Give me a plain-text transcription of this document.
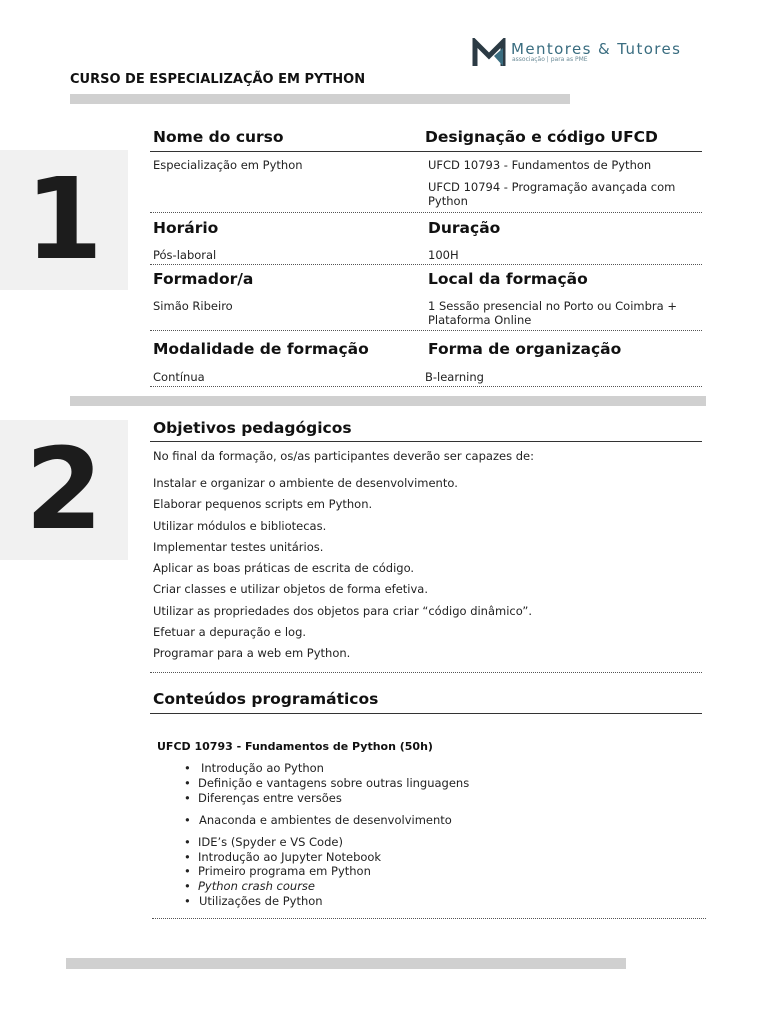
Mentores & Tutores
associação | para as PME
CURSO DE ESPECIALIZAÇÃO EM PYTHON
1
Nome do curso	Designação e código UFCD
Especialização em Python	UFCD 10793 - Fundamentos de Python
UFCD 10794 - Programação avançada com Python
Horário	Duração
Pós-laboral	100H
Formador/a	Local da formação
Simão Ribeiro	1 Sessão presencial no Porto ou Coimbra + Plataforma Online
Modalidade de formação	Forma de organização
Contínua	B-learning
2	Objetivos pedagógicos
No final da formação, os/as participantes deverão ser capazes de:
Instalar e organizar o ambiente de desenvolvimento.
Elaborar pequenos scripts em Python.
Utilizar módulos e bibliotecas.
Implementar testes unitários.
Aplicar as boas práticas de escrita de código.
Criar classes e utilizar objetos de forma efetiva.
Utilizar as propriedades dos objetos para criar “código dinâmico”.
Efetuar a depuração e log.
Programar para a web em Python.
Conteúdos programáticos
UFCD 10793 - Fundamentos de Python (50h)
• Introdução ao Python
• Definição e vantagens sobre outras linguagens
• Diferenças entre versões
• Anaconda e ambientes de desenvolvimento
• IDE’s (Spyder e VS Code)
• Introdução ao Jupyter Notebook
• Primeiro programa em Python
• Python crash course
• Utilizações de Python
